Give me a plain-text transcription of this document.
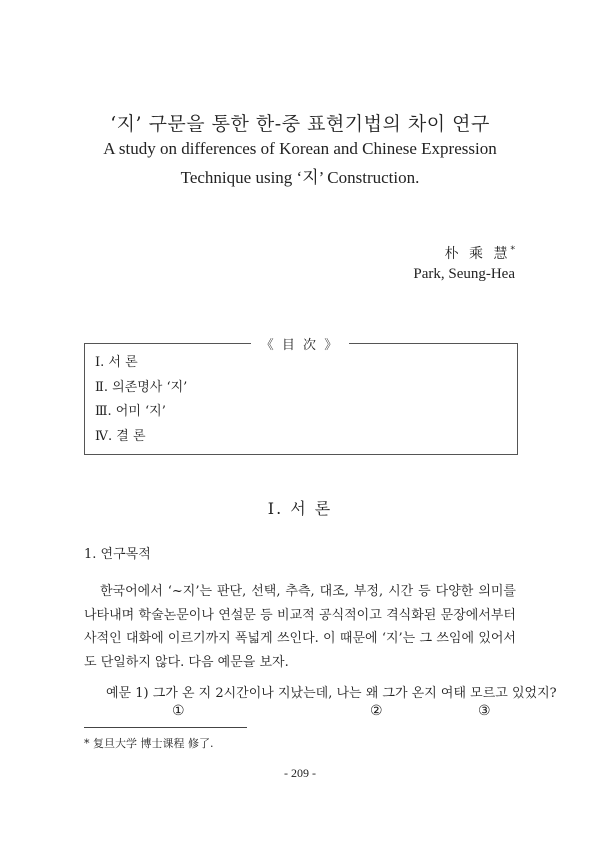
‘지’ 구문을 통한 한-중 표현기법의 차이 연구
A study on differences of Korean and Chinese Expression
Technique using ‘지’ Construction.
朴 乘 慧*
Park, Seung-Hea
《 目 次 》
Ⅰ. 서 론
Ⅱ. 의존명사 ‘지’
Ⅲ. 어미 ‘지’
Ⅳ. 결 론
Ⅰ. 서 론
1. 연구목적

한국어에서 ‘~지’는 판단, 선택, 추측, 대조, 부정, 시간 등 다양한 의미를 나타내며 학술논문이나 연설문 등 비교적 공식적이고 격식화된 문장에서부터 사적인 대화에 이르기까지 폭넓게 쓰인다. 이 때문에 ‘지’는 그 쓰임에 있어서도 단일하지 않다. 다음 예문을 보자.

예문 1) 그가 온 지 2시간이나 지났는데, 나는 왜 그가 온지 여태 모르고 있었지?
①	②	③
* 复旦大学 博士课程 修了.
- 209 -
